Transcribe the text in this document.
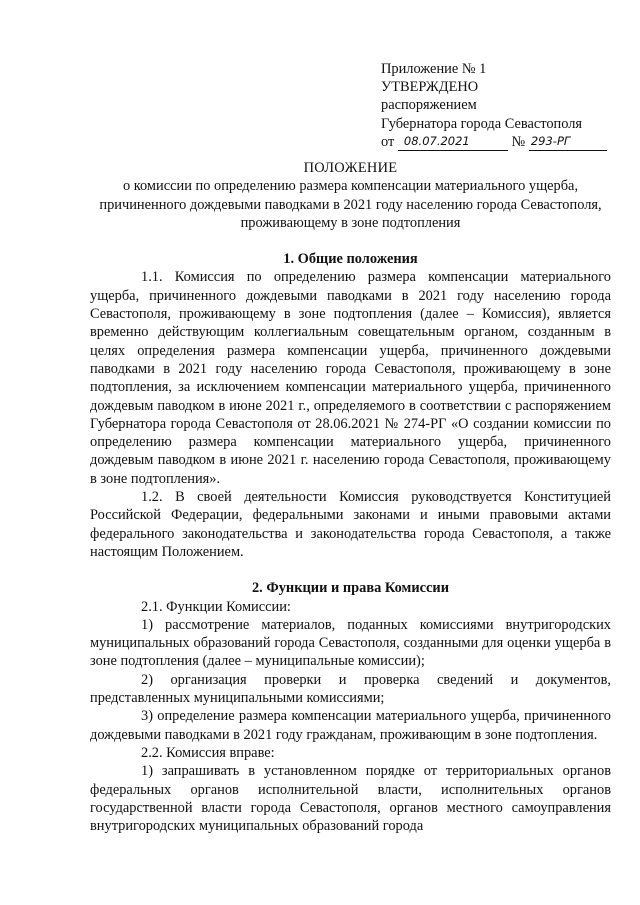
Приложение № 1
УТВЕРЖДЕНО
распоряжением
Губернатора города Севастополя
от 08.07.2021	№ 293-РГ
ПОЛОЖЕНИЕ
о комиссии по определению размера компенсации материального ущерба, причиненного дождевыми паводками в 2021 году населению города Севастополя, проживающему в зоне подтопления
1. Общие положения

1.1. Комиссия по определению размера компенсации материального ущерба, причиненного дождевыми паводками в 2021 году населению города Севастополя, проживающему в зоне подтопления (далее – Комиссия), является временно действующим коллегиальным совещательным органом, созданным в целях определения размера компенсации ущерба, причиненного дождевыми паводками в 2021 году населению города Севастополя, проживающему в зоне подтопления, за исключением компенсации материального ущерба, причиненного дождевым паводком в июне 2021 г., определяемого в соответствии с распоряжением Губернатора города Севастополя от 28.06.2021 № 274-РГ «О создании комиссии по определению размера компенсации материального ущерба, причиненного дождевым паводком в июне 2021 г. населению города Севастополя, проживающему в зоне подтопления».

1.2. В своей деятельности Комиссия руководствуется Конституцией Российской Федерации, федеральными законами и иными правовыми актами федерального законодательства и законодательства города Севастополя, а также настоящим Положением.

2. Функции и права Комиссии

2.1. Функции Комиссии:

1) рассмотрение материалов, поданных комиссиями внутригородских муниципальных образований города Севастополя, созданными для оценки ущерба в зоне подтопления (далее – муниципальные комиссии);

2) организация проверки и проверка сведений и документов, представленных муниципальными комиссиями;

3) определение размера компенсации материального ущерба, причиненного дождевыми паводками в 2021 году гражданам, проживающим в зоне подтопления.

2.2. Комиссия вправе:

1) запрашивать в установленном порядке от территориальных органов федеральных органов исполнительной власти, исполнительных органов государственной власти города Севастополя, органов местного самоуправления внутригородских муниципальных образований города
